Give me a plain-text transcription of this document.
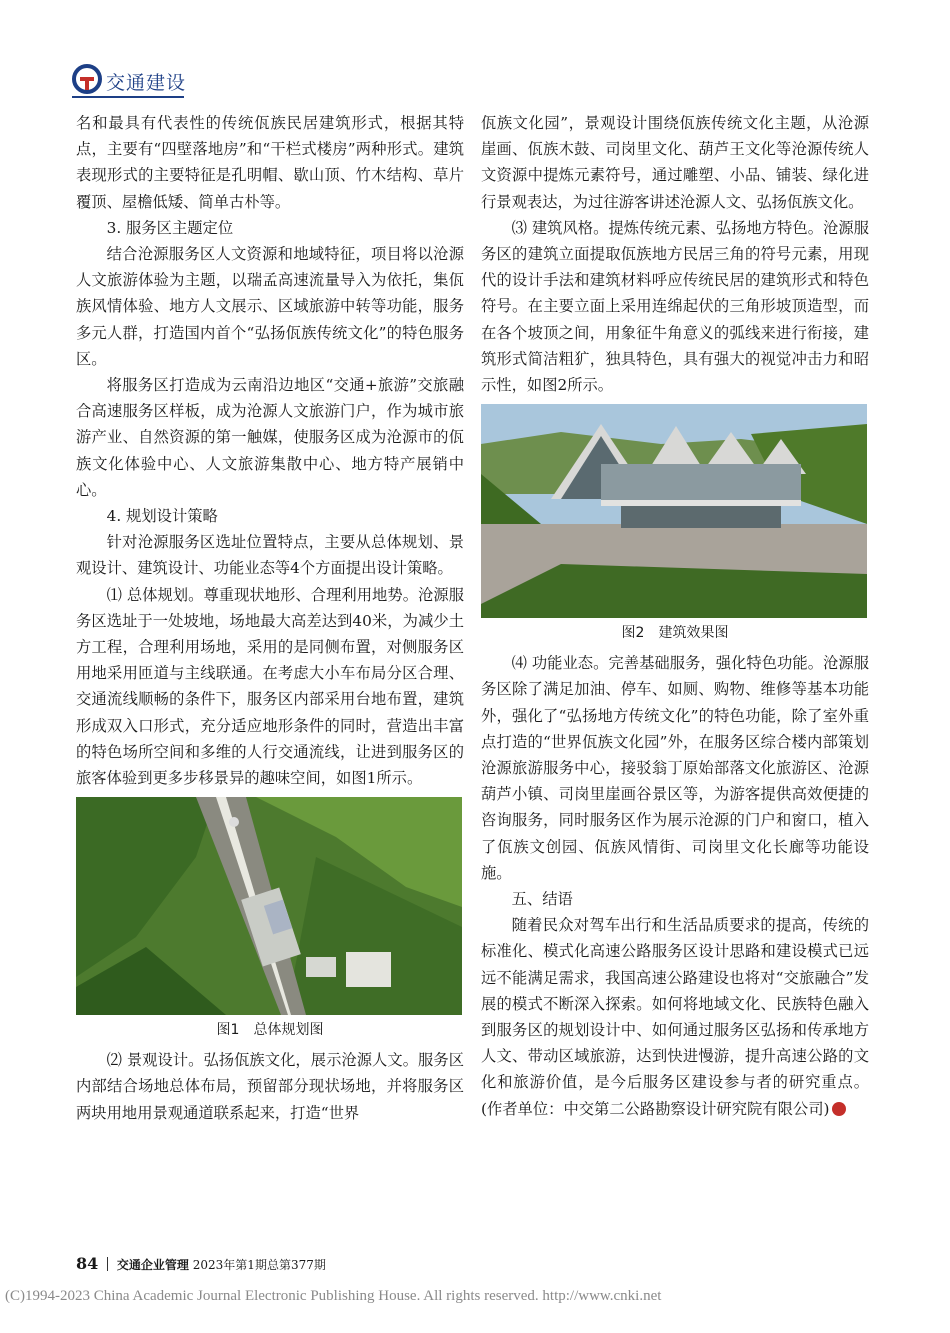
交通建设

名和最具有代表性的传统佤族民居建筑形式，根据其特点，主要有“四壁落地房”和“干栏式楼房”两种形式。建筑表现形式的主要特征是孔明帽、歇山顶、竹木结构、草片覆顶、屋檐低矮、简单古朴等。

3. 服务区主题定位

结合沧源服务区人文资源和地域特征，项目将以沧源人文旅游体验为主题，以瑞孟高速流量导入为依托，集佤族风情体验、地方人文展示、区域旅游中转等功能，服务多元人群，打造国内首个“弘扬佤族传统文化”的特色服务区。

将服务区打造成为云南沿边地区“交通+旅游”交旅融合高速服务区样板，成为沧源人文旅游门户，作为城市旅游产业、自然资源的第一触媒，使服务区成为沧源市的佤族文化体验中心、人文旅游集散中心、地方特产展销中心。

4. 规划设计策略

针对沧源服务区选址位置特点，主要从总体规划、景观设计、建筑设计、功能业态等4个方面提出设计策略。

⑴ 总体规划。尊重现状地形、合理利用地势。沧源服务区选址于一处坡地，场地最大高差达到40米，为减少土方工程，合理利用场地，采用的是同侧布置，对侧服务区用地采用匝道与主线联通。在考虑大小车布局分区合理、交通流线顺畅的条件下，服务区内部采用台地布置，建筑形成双入口形式，充分适应地形条件的同时，营造出丰富的特色场所空间和多维的人行交通流线，让进到服务区的旅客体验到更多步移景异的趣味空间，如图1所示。

图1　总体规划图

⑵ 景观设计。弘扬佤族文化，展示沧源人文。服务区内部结合场地总体布局，预留部分现状场地，并将服务区两块用地用景观通道联系起来，打造“世界

佤族文化园”，景观设计围绕佤族传统文化主题，从沧源崖画、佤族木鼓、司岗里文化、葫芦王文化等沧源传统人文资源中提炼元素符号，通过雕塑、小品、铺装、绿化进行景观表达，为过往游客讲述沧源人文、弘扬佤族文化。

⑶ 建筑风格。提炼传统元素、弘扬地方特色。沧源服务区的建筑立面提取佤族地方民居三角的符号元素，用现代的设计手法和建筑材料呼应传统民居的建筑形式和特色符号。在主要立面上采用连绵起伏的三角形坡顶造型，而在各个坡顶之间，用象征牛角意义的弧线来进行衔接，建筑形式简洁粗犷，独具特色，具有强大的视觉冲击力和昭示性，如图2所示。

图2　建筑效果图

⑷ 功能业态。完善基础服务，强化特色功能。沧源服务区除了满足加油、停车、如厕、购物、维修等基本功能外，强化了“弘扬地方传统文化”的特色功能，除了室外重点打造的“世界佤族文化园”外，在服务区综合楼内部策划沧源旅游服务中心，接驳翁丁原始部落文化旅游区、沧源葫芦小镇、司岗里崖画谷景区等，为游客提供高效便捷的咨询服务，同时服务区作为展示沧源的门户和窗口，植入了佤族文创园、佤族风情街、司岗里文化长廊等功能设施。

五、结语

随着民众对驾车出行和生活品质要求的提高，传统的标准化、模式化高速公路服务区设计思路和建设模式已远远不能满足需求，我国高速公路建设也将对“交旅融合”发展的模式不断深入探索。如何将地域文化、民族特色融入到服务区的规划设计中、如何通过服务区弘扬和传承地方人文、带动区域旅游，达到快进慢游，提升高速公路的文化和旅游价值，是今后服务区建设参与者的研究重点。(作者单位：中交第二公路勘察设计研究院有限公司)

84 交通企业管理 2023年第1期总第377期
(C)1994-2023 China Academic Journal Electronic Publishing House. All rights reserved. http://www.cnki.net
